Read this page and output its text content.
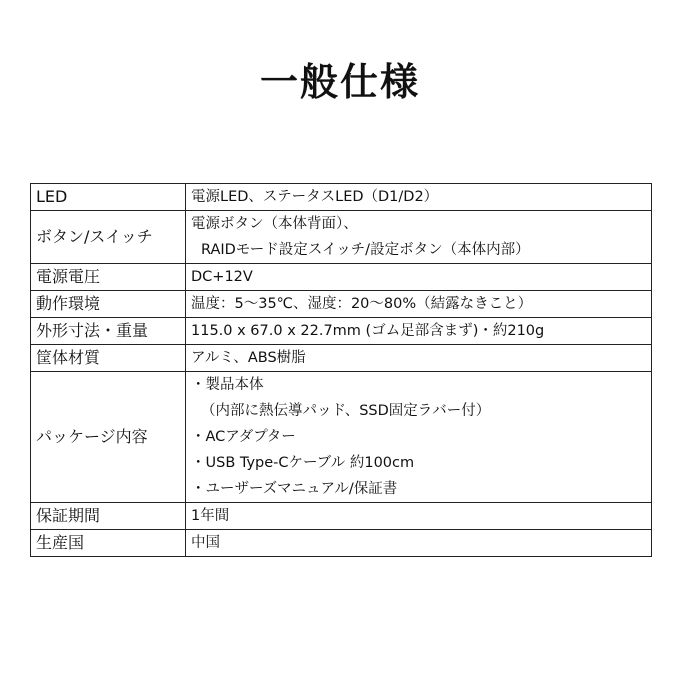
一般仕様
LED	電源LED、ステータスLED（D1/D2）

ボタン/スイッチ	電源ボタン（本体背面）、
RAIDモード設定スイッチ/設定ボタン（本体内部）

電源電圧	DC+12V

動作環境	温度：5〜35℃、湿度：20〜80%（結露なきこと）

外形寸法・重量	115.0 x 67.0 x 22.7mm (ゴム足部含まず)・約210g

筐体材質	アルミ、ABS樹脂

パッケージ内容	・製品本体
（内部に熱伝導パッド、SSD固定ラバー付）
・ACアダプター
・USB Type-Cケーブル 約100cm
・ユーザーズマニュアル/保証書

保証期間	1年間

生産国	中国
